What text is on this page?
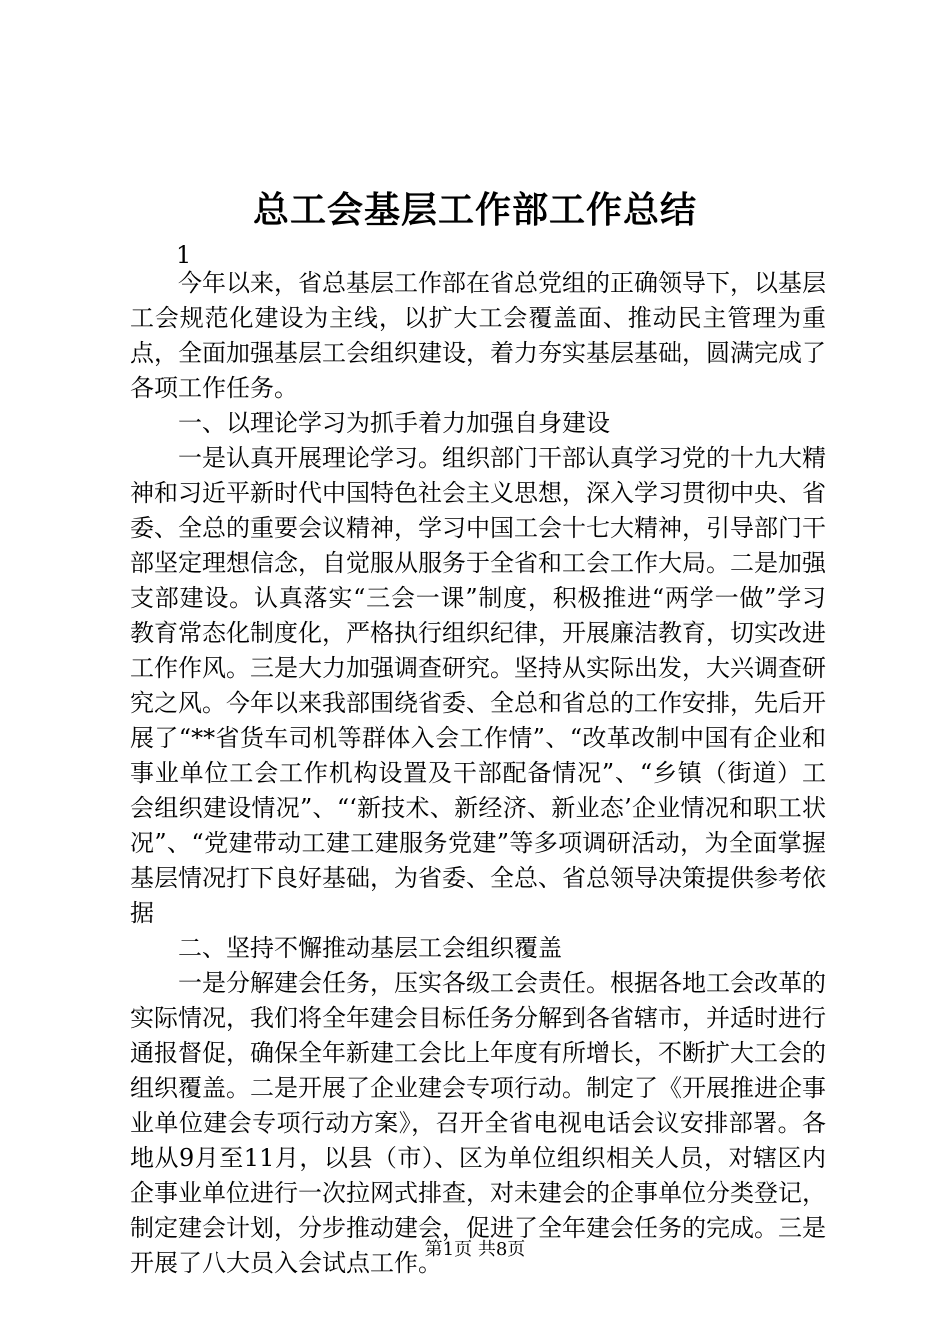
总工会基层工作部工作总结
1

今年以来，省总基层工作部在省总党组的正确领导下，以基层工会规范化建设为主线，以扩大工会覆盖面、推动民主管理为重点，全面加强基层工会组织建设，着力夯实基层基础，圆满完成了各项工作任务。

一、以理论学习为抓手着力加强自身建设

一是认真开展理论学习。组织部门干部认真学习党的十九大精神和习近平新时代中国特色社会主义思想，深入学习贯彻中央、省委、全总的重要会议精神，学习中国工会十七大精神，引导部门干部坚定理想信念，自觉服从服务于全省和工会工作大局。二是加强支部建设。认真落实“三会一课”制度，积极推进“两学一做”学习教育常态化制度化，严格执行组织纪律，开展廉洁教育，切实改进工作作风。三是大力加强调查研究。坚持从实际出发，大兴调查研究之风。今年以来我部围绕省委、全总和省总的工作安排，先后开展了“**省货车司机等群体入会工作情”、“改革改制中国有企业和事业单位工会工作机构设置及干部配备情况”、“乡镇（街道）工会组织建设情况”、“‘新技术、新经济、新业态’企业情况和职工状况”、“党建带动工建工建服务党建”等多项调研活动，为全面掌握基层情况打下良好基础，为省委、全总、省总领导决策提供参考依据

二、坚持不懈推动基层工会组织覆盖

一是分解建会任务，压实各级工会责任。根据各地工会改革的实际情况，我们将全年建会目标任务分解到各省辖市，并适时进行通报督促，确保全年新建工会比上年度有所增长，不断扩大工会的组织覆盖。二是开展了企业建会专项行动。制定了《开展推进企事业单位建会专项行动方案》，召开全省电视电话会议安排部署。各地从9月至11月，以县（市）、区为单位组织相关人员，对辖区内企事业单位进行一次拉网式排查，对未建会的企事单位分类登记，制定建会计划，分步推动建会，促进了全年建会任务的完成。三是开展了八大员入会试点工作。

第1页 共8页
